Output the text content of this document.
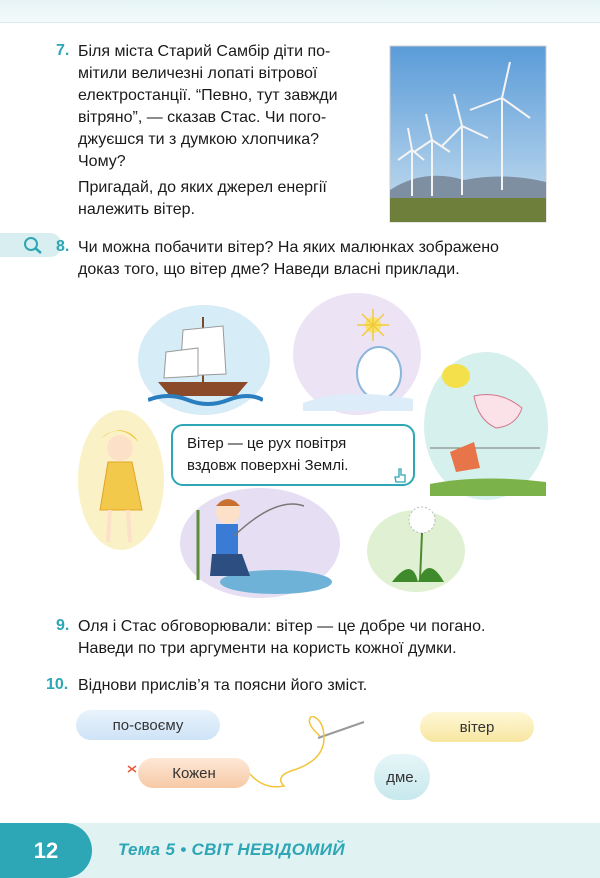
7. Біля міста Старий Самбір діти по-
мітили величезні лопаті вітрової
електростанції. “Певно, тут завжди
вітряно”, — сказав Стас. Чи пого-
джуєшся ти з думкою хлопчика?
Чому?
Пригадай, до яких джерел енергії
належить вітер.
8. Чи можна побачити вітер? На яких малюнках зображено
доказ того, що вітер дме? Наведи власні приклади.
Вітер — це рух повітря
вздовж поверхні Землі.
9. Оля і Стас обговорювали: вітер — це добре чи погано.
Наведи по три аргументи на користь кожної думки.
10. Віднови прислів’я та поясни його зміст.
по-своєму	вітер
Кожен	дме.
12	Тема 5 • СВІТ НЕВІДОМИЙ
